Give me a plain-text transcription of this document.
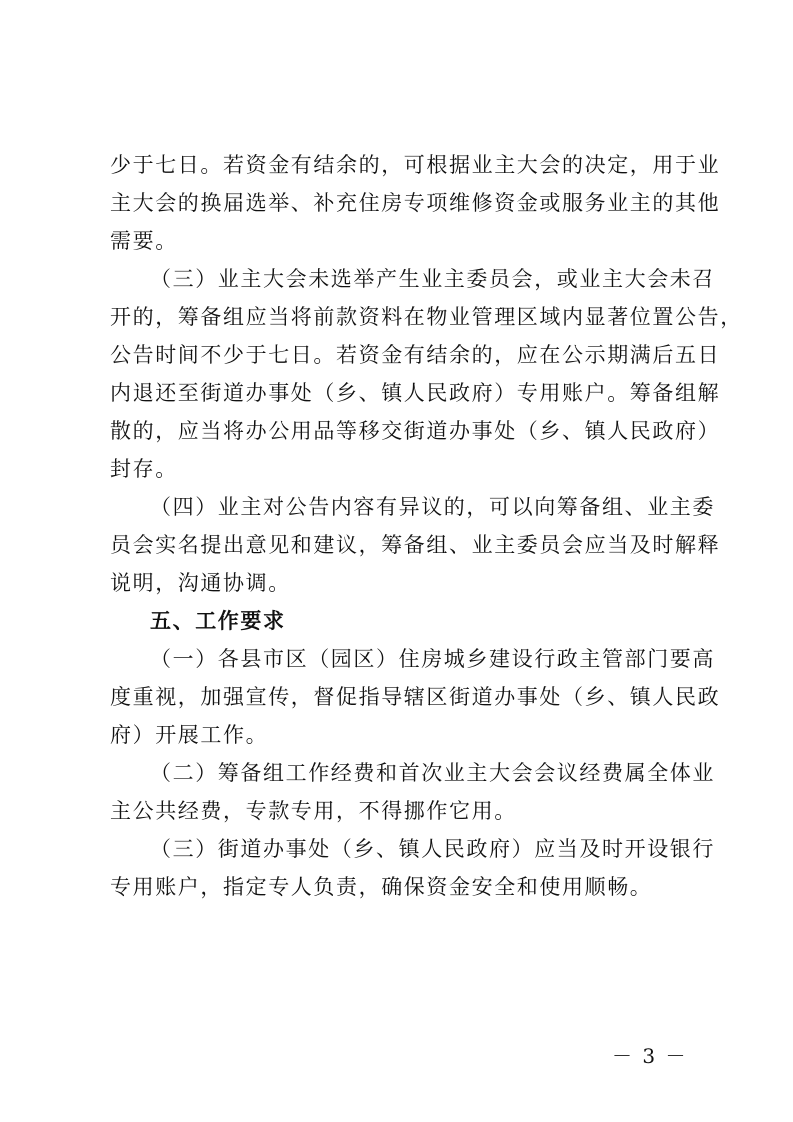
少于七日。若资金有结余的，可根据业主大会的决定，用于业
主大会的换届选举、补充住房专项维修资金或服务业主的其他
需要。
（三）业主大会未选举产生业主委员会，或业主大会未召
开的，筹备组应当将前款资料在物业管理区域内显著位置公告，
公告时间不少于七日。若资金有结余的，应在公示期满后五日
内退还至街道办事处（乡、镇人民政府）专用账户。筹备组解
散的，应当将办公用品等移交街道办事处（乡、镇人民政府）
封存。
（四）业主对公告内容有异议的，可以向筹备组、业主委
员会实名提出意见和建议，筹备组、业主委员会应当及时解释
说明，沟通协调。
五、工作要求
（一）各县市区（园区）住房城乡建设行政主管部门要高
度重视，加强宣传，督促指导辖区街道办事处（乡、镇人民政
府）开展工作。
（二）筹备组工作经费和首次业主大会会议经费属全体业
主公共经费，专款专用，不得挪作它用。
（三）街道办事处（乡、镇人民政府）应当及时开设银行
专用账户，指定专人负责，确保资金安全和使用顺畅。
－ 3 －
